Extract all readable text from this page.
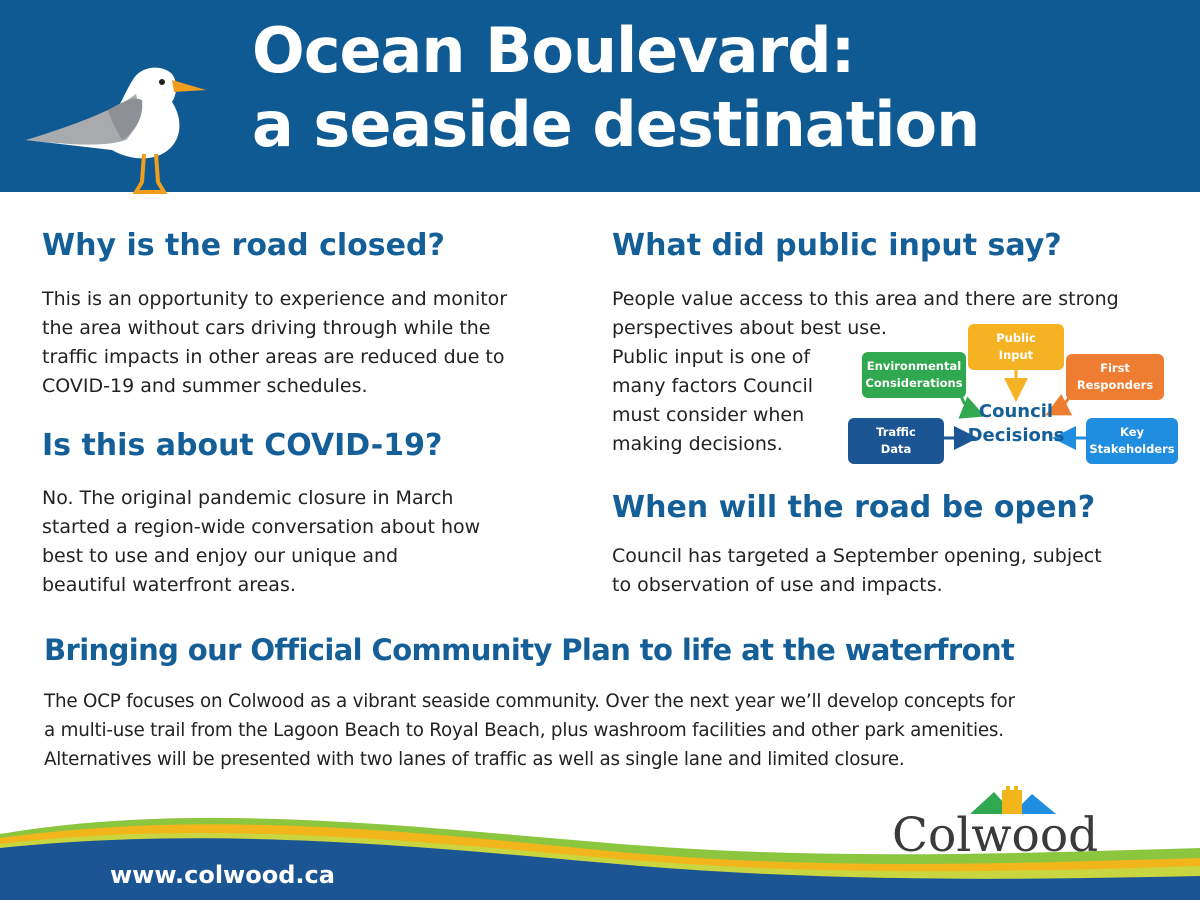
Ocean Boulevard:
a seaside destination
Why is the road closed?

This is an opportunity to experience and monitor
the area without cars driving through while the
traffic impacts in other areas are reduced due to
COVID-19 and summer schedules.

Is this about COVID-19?

No. The original pandemic closure in March
started a region-wide conversation about how
best to use and enjoy our unique and
beautiful waterfront areas.

What did public input say?

People value access to this area and there are strong
perspectives about best use.
Public input is one of
many factors Council
must consider when
making decisions.

Public
Input
Environmental
Considerations
First
Responders
Traffic
Data
Key
Stakeholders
Council
Decisions
When will the road be open?

Council has targeted a September opening, subject
to observation of use and impacts.

Bringing our Official Community Plan to life at the waterfront

The OCP focuses on Colwood as a vibrant seaside community. Over the next year we’ll develop concepts for
a multi-use trail from the Lagoon Beach to Royal Beach, plus washroom facilities and other park amenities.
Alternatives will be presented with two lanes of traffic as well as single lane and limited closure.

www.colwood.ca
Colwood
